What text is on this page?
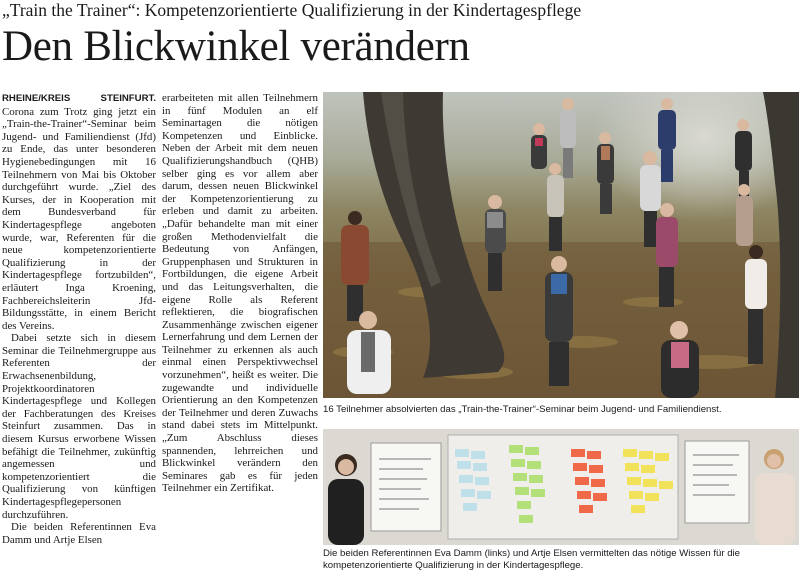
„Train the Trainer“: Kompetenzorientierte Qualifizierung in der Kindertagespflege
Den Blickwinkel verändern

RHEINE/KREIS STEINFURT. Corona zum Trotz ging jetzt ein „Train-the-Trainer“-Seminar beim Jugend- und Familiendienst (Jfd) zu Ende, das unter besonderen Hygienebedingungen mit 16 Teilnehmern von Mai bis Oktober durchgeführt wurde. „Ziel des Kurses, der in Kooperation mit dem Bundesverband für Kindertagespflege angeboten wurde, war, Referenten für die neue kompetenzorientierte Qualifizierung in der Kindertagespflege fortzubilden“, erläutert Inga Kroening, Fachbereichsleiterin Jfd-Bildungsstätte, in einem Bericht des Vereins.

Dabei setzte sich in diesem Seminar die Teilnehmergruppe aus Referenten der Erwachsenenbildung, Projektkoordinatoren Kindertagespflege und Kollegen der Fachberatungen des Kreises Steinfurt zusammen. Das in diesem Kursus erworbene Wissen befähigt die Teilnehmer, zukünftig angemessen und kompetenzorientiert die Qualifizierung von künftigen Kindertagespflegepersonen durchzuführen.

Die beiden Referentinnen Eva Damm und Artje Elsen

erarbeiteten mit allen Teilnehmern in fünf Modulen an elf Seminartagen die nötigen Kompetenzen und Einblicke. Neben der Arbeit mit dem neuen Qualifizierungshandbuch (QHB) selber ging es vor allem aber darum, dessen neuen Blickwinkel der Kompetenzorientierung zu erleben und damit zu arbeiten. „Dafür behandelte man mit einer großen Methodenvielfalt die Bedeutung von Anfängen, Gruppenphasen und Strukturen in Fortbildungen, die eigene Arbeit und das Leitungsverhalten, die eigene Rolle als Referent reflektieren, die biografischen Zusammenhänge zwischen eigener Lernerfahrung und dem Lernen der Teilnehmer zu erkennen als auch einmal einen Perspektivwechsel vorzunehmen“, heißt es weiter. Die zugewandte und individuelle Orientierung an den Kompetenzen der Teilnehmer und deren Zuwachs stand dabei stets im Mittelpunkt. „Zum Abschluss dieses spannenden, lehrreichen und Blickwinkel verändern den Seminares gab es für jeden Teilnehmer ein Zertifikat.

16 Teilnehmer absolvierten das „Train-the-Trainer“-Seminar beim Jugend- und Familiendienst.
Die beiden Referentinnen Eva Damm (links) und Artje Elsen vermittelten das nötige Wissen für die kompetenzorientierte Qualifizierung in der Kindertagespflege.
